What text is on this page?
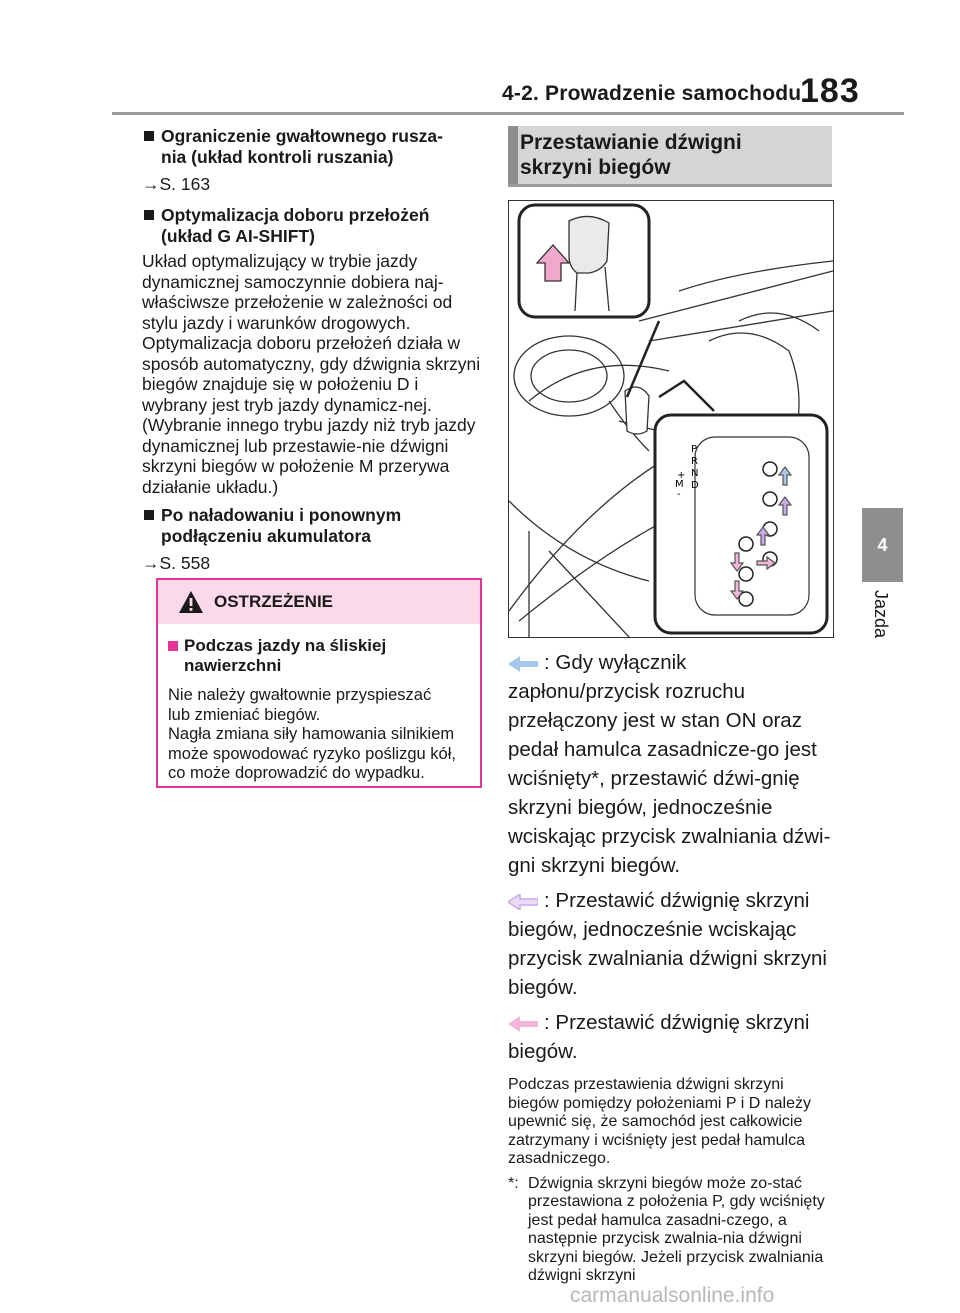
4-2. Prowadzenie samochodu
183
4
Jazda
Ograniczenie gwałtownego rusza-
nia (układ kontroli ruszania)
→S. 163
Optymalizacja doboru przełożeń
(układ G AI-SHIFT)
Układ optymalizujący w trybie jazdy dynamicznej samoczynnie dobiera naj-właściwsze przełożenie w zależności od stylu jazdy i warunków drogowych. Optymalizacja doboru przełożeń działa w sposób automatyczny, gdy dźwignia skrzyni biegów znajduje się w położeniu D i wybrany jest tryb jazdy dynamicz-nej. (Wybranie innego trybu jazdy niż tryb jazdy dynamicznej lub przestawie-nie dźwigni skrzyni biegów w położenie M przerywa działanie układu.)
Po naładowaniu i ponownym
podłączeniu akumulatora
→S. 558
OSTRZEŻENIE
Podczas jazdy na śliskiej
nawierzchni
Nie należy gwałtownie przyspieszać
lub zmieniać biegów.
Nagła zmiana siły hamowania silnikiem
może spowodować ryzyko poślizgu kół,
co może doprowadzić do wypadku.
Przestawianie dźwigni
skrzyni biegów
P
R
N
D
+
M
-
: Gdy wyłącznik zapłonu/przycisk rozruchu przełączony jest w stan ON oraz pedał hamulca zasadnicze-go jest wciśnięty*, przestawić dźwi-gnię skrzyni biegów, jednocześnie wciskając przycisk zwalniania dźwi-gni skrzyni biegów.
: Przestawić dźwignię skrzyni biegów, jednocześnie wciskając przycisk zwalniania dźwigni skrzyni biegów.
: Przestawić dźwignię skrzyni biegów.
Podczas przestawienia dźwigni skrzyni biegów pomiędzy położeniami P i D należy upewnić się, że samochód jest całkowicie zatrzymany i wciśnięty jest pedał hamulca zasadniczego.
*: Dźwignia skrzyni biegów może zo-stać przestawiona z położenia P, gdy wciśnięty jest pedał hamulca zasadni-czego, a następnie przycisk zwalnia-nia dźwigni skrzyni biegów. Jeżeli przycisk zwalniania dźwigni skrzyni
carmanualsonline.info
